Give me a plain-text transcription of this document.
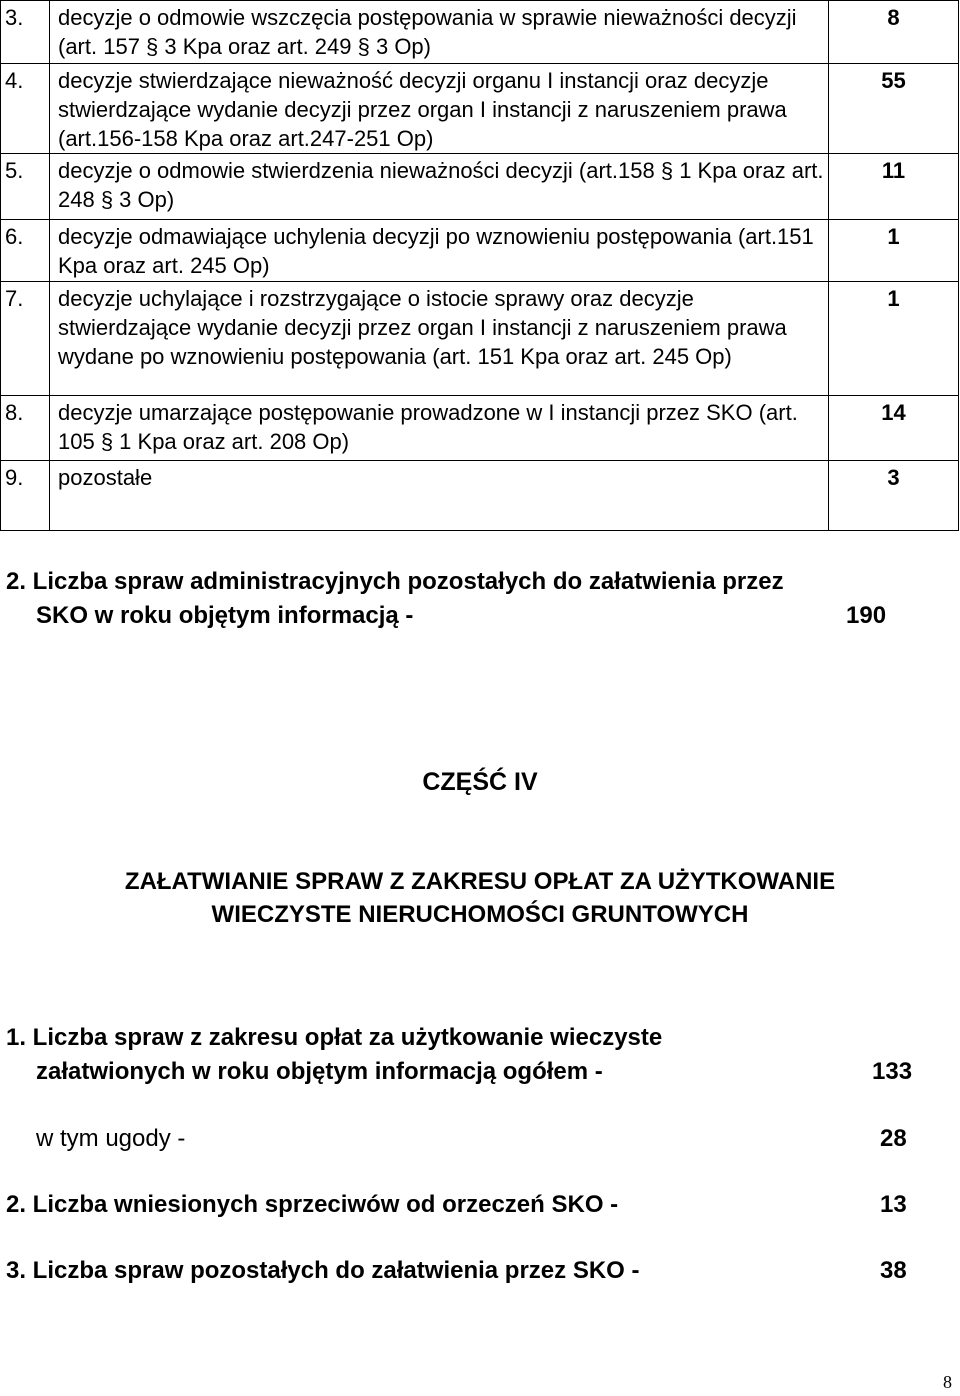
3.	decyzje o odmowie wszczęcia postępowania w sprawie nieważności decyzji (art. 157 § 3 Kpa oraz art. 249 § 3 Op)	8
4.	decyzje stwierdzające nieważność decyzji organu I instancji oraz decyzje stwierdzające wydanie decyzji przez organ I instancji z naruszeniem prawa (art.156-158 Kpa oraz art.247-251 Op)	55
5.	decyzje o odmowie stwierdzenia nieważności decyzji (art.158 § 1 Kpa oraz art. 248 § 3 Op)	11
6.	decyzje odmawiające uchylenia decyzji po wznowieniu postępowania (art.151 Kpa oraz art. 245 Op)	1
7.	decyzje uchylające i rozstrzygające o istocie sprawy oraz decyzje stwierdzające wydanie decyzji przez organ I instancji z naruszeniem prawa wydane po wznowieniu postępowania (art. 151 Kpa oraz art. 245 Op)	1
8.	decyzje umarzające postępowanie prowadzone w I instancji przez SKO (art. 105 § 1 Kpa oraz art. 208 Op)	14
9.	pozostałe	3
2. Liczba spraw administracyjnych pozostałych do załatwienia przez
SKO w roku objętym informacją -	190
CZĘŚĆ IV
ZAŁATWIANIE SPRAW Z ZAKRESU OPŁAT ZA UŻYTKOWANIE
WIECZYSTE NIERUCHOMOŚCI GRUNTOWYCH
1. Liczba spraw z zakresu opłat za użytkowanie wieczyste
załatwionych w roku objętym informacją ogółem -	133
w tym ugody -	28
2. Liczba wniesionych sprzeciwów od orzeczeń SKO -	13
3. Liczba spraw pozostałych do załatwienia przez SKO -	38
8
